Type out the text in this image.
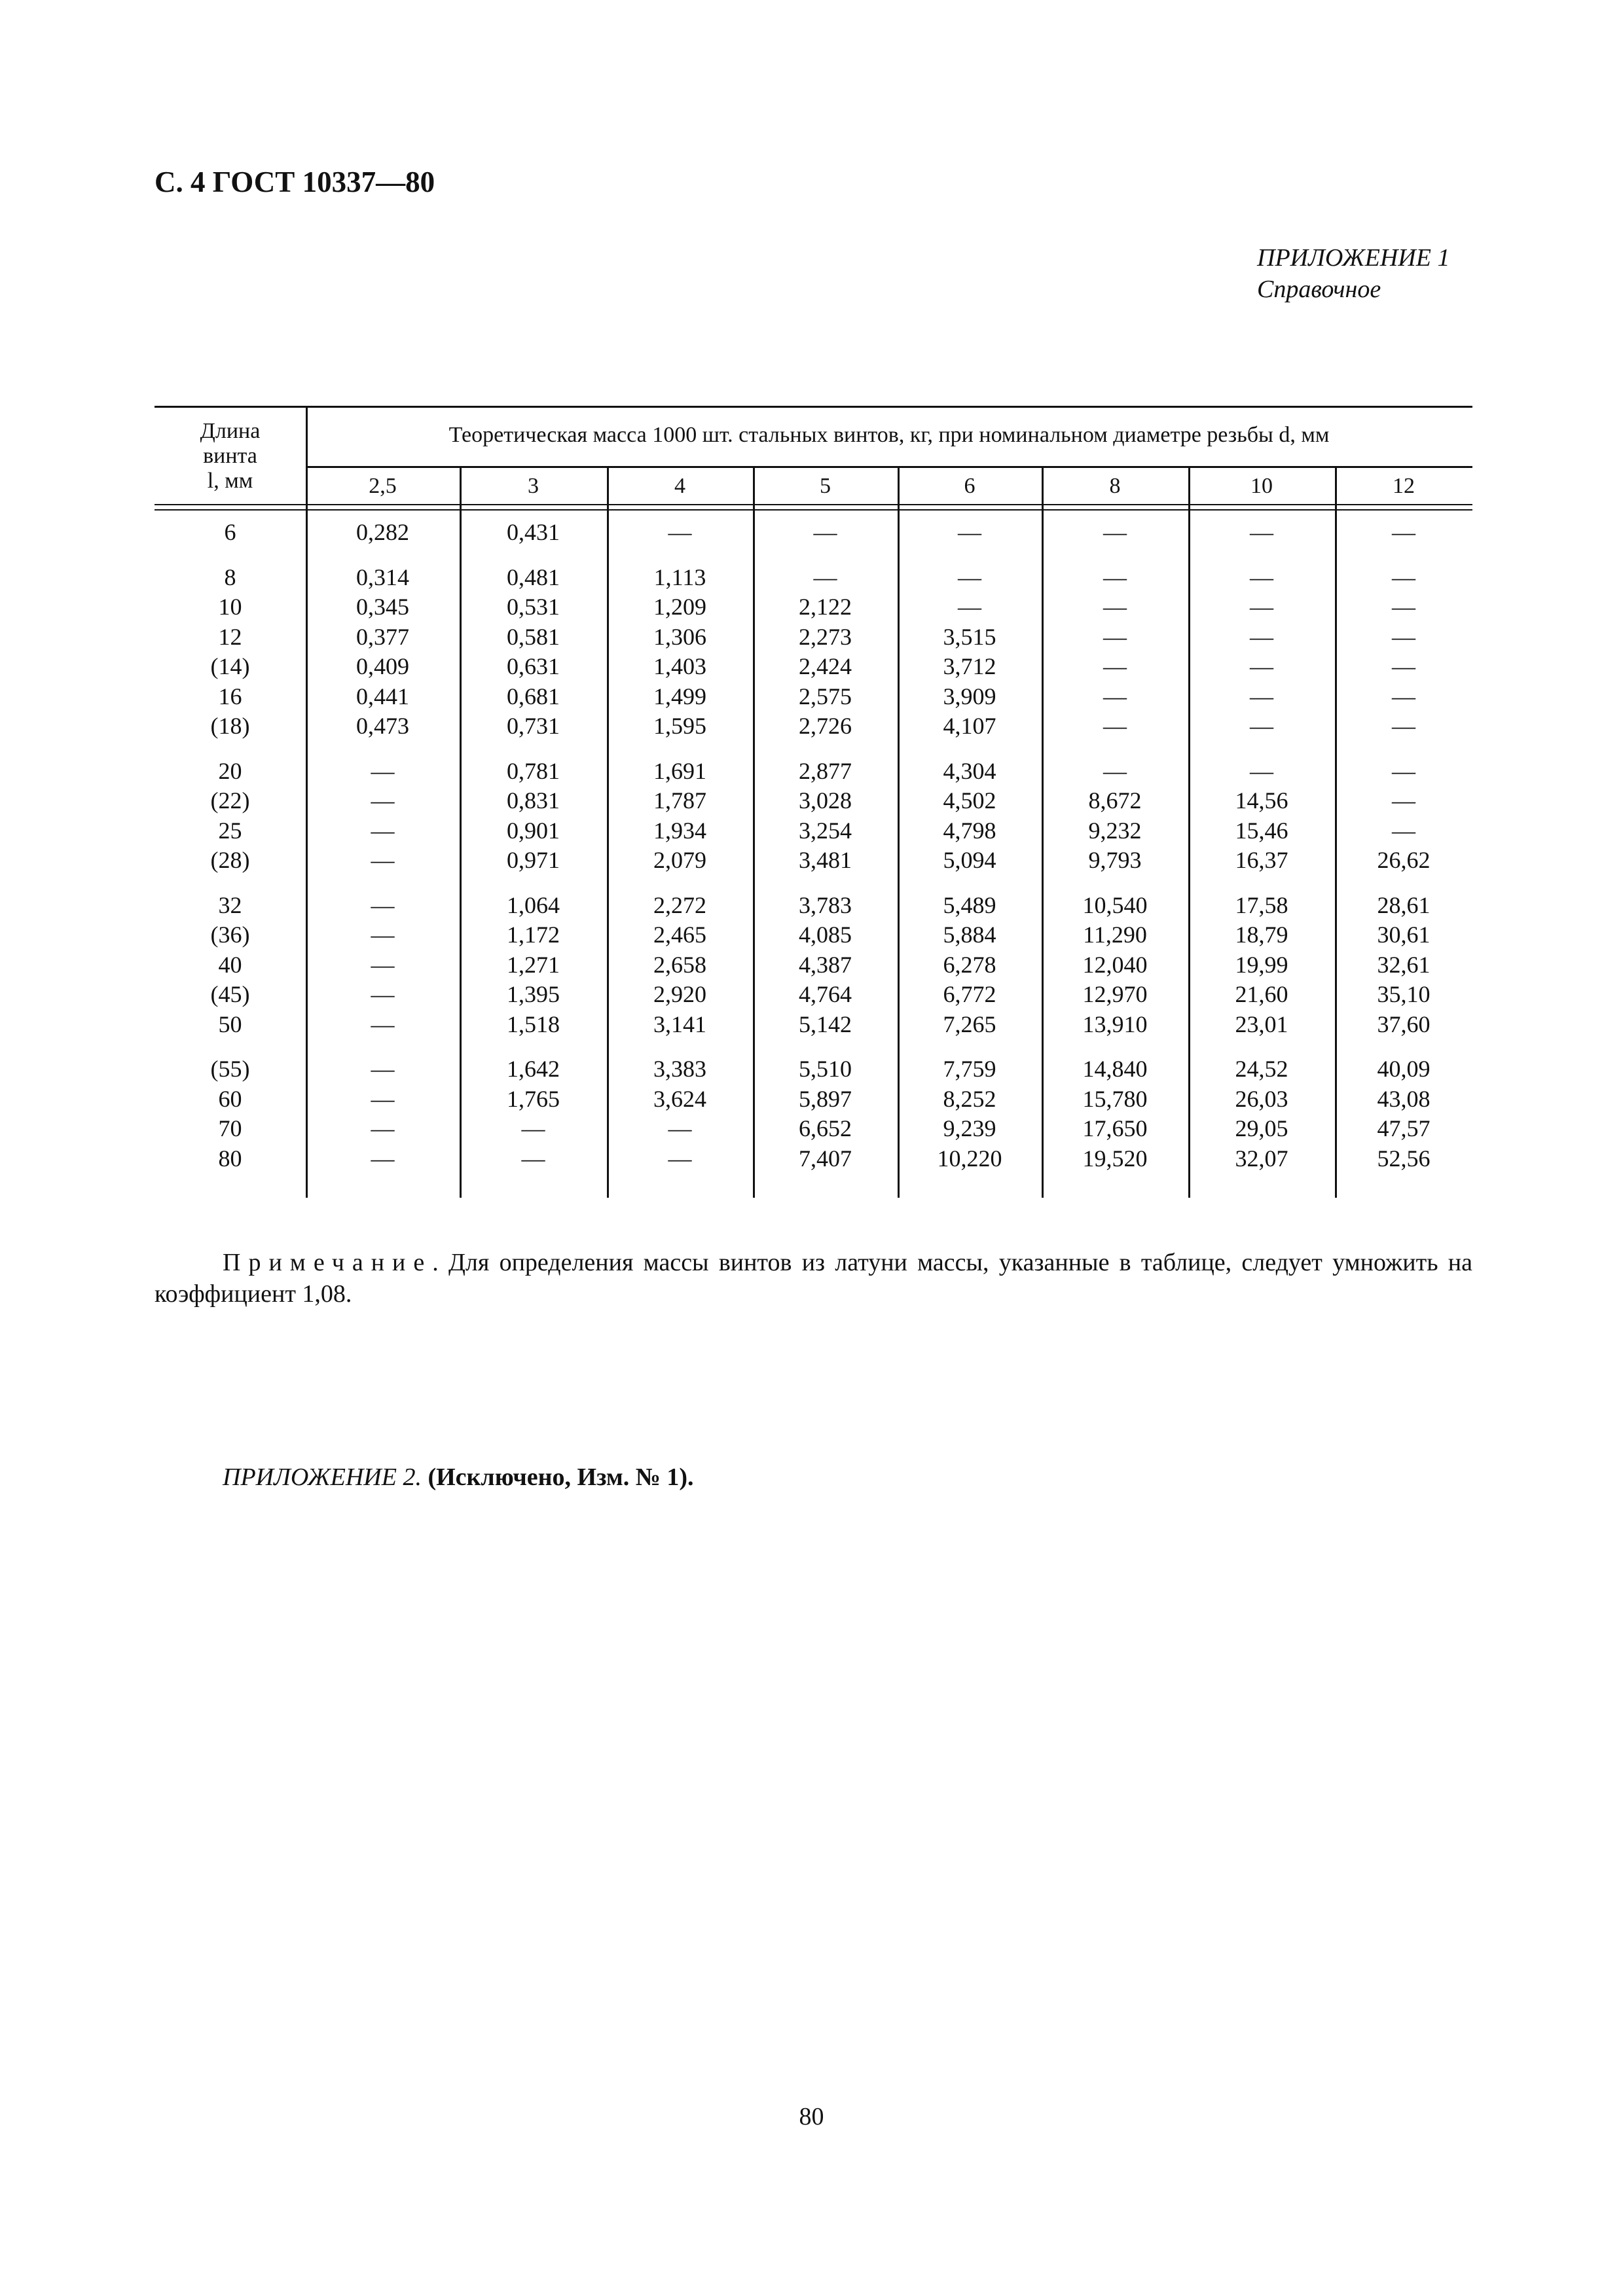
С. 4 ГОСТ 10337—80
ПРИЛОЖЕНИЕ 1
Справочное
Длина
винта
l, мм
Теоретическая масса 1000 шт. стальных винтов, кг, при номинальном диаметре резьбы d, мм
2,5	3	4	5	6	8	10	12
6	0,282	0,431	—	—	—	—	—	—
8	0,314	0,481	1,113	—	—	—	—	—
10	0,345	0,531	1,209	2,122	—	—	—	—
12	0,377	0,581	1,306	2,273	3,515	—	—	—
(14)	0,409	0,631	1,403	2,424	3,712	—	—	—
16	0,441	0,681	1,499	2,575	3,909	—	—	—
(18)	0,473	0,731	1,595	2,726	4,107	—	—	—
20	—	0,781	1,691	2,877	4,304	—	—	—
(22)	—	0,831	1,787	3,028	4,502	8,672	14,56	—
25	—	0,901	1,934	3,254	4,798	9,232	15,46	—
(28)	—	0,971	2,079	3,481	5,094	9,793	16,37	26,62
32	—	1,064	2,272	3,783	5,489	10,540	17,58	28,61
(36)	—	1,172	2,465	4,085	5,884	11,290	18,79	30,61
40	—	1,271	2,658	4,387	6,278	12,040	19,99	32,61
(45)	—	1,395	2,920	4,764	6,772	12,970	21,60	35,10
50	—	1,518	3,141	5,142	7,265	13,910	23,01	37,60
(55)	—	1,642	3,383	5,510	7,759	14,840	24,52	40,09
60	—	1,765	3,624	5,897	8,252	15,780	26,03	43,08
70	—	—	—	6,652	9,239	17,650	29,05	47,57
80	—	—	—	7,407	10,220	19,520	32,07	52,56
Примечание. Для определения массы винтов из латуни массы, указанные в таблице, следует умножить на коэффициент 1,08.
ПРИЛОЖЕНИЕ 2. (Исключено, Изм. № 1).
80
